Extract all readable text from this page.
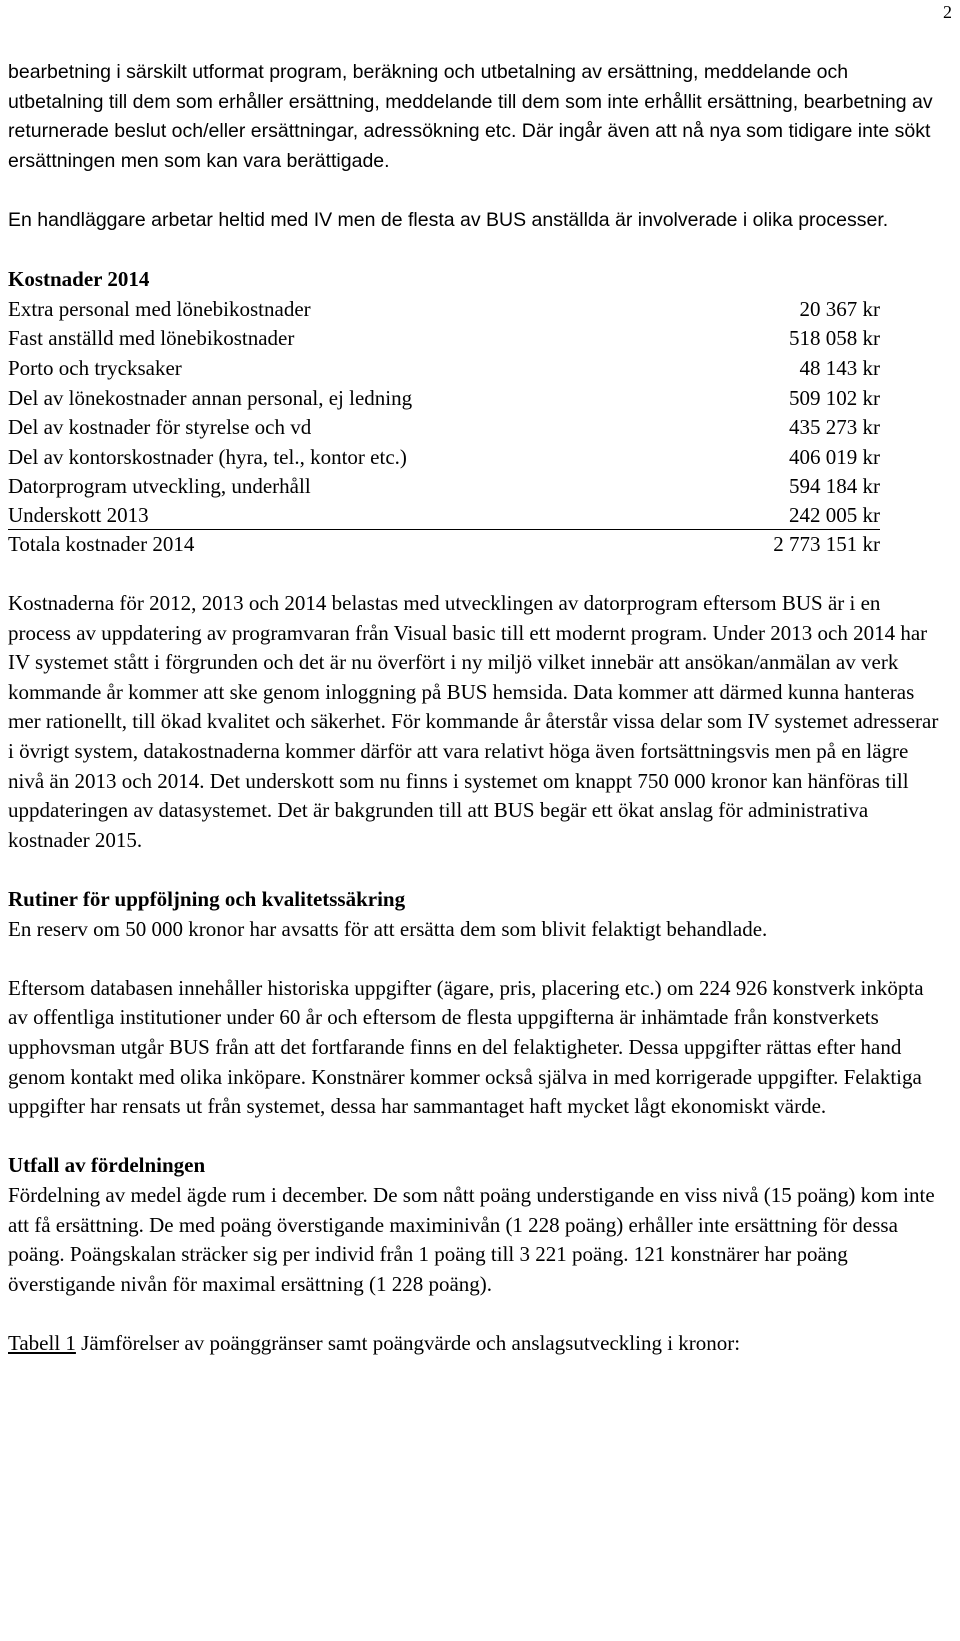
2

bearbetning i särskilt utformat program, beräkning och utbetalning av ersättning, meddelande och utbetalning till dem som erhåller ersättning, meddelande till dem som inte erhållit ersättning, bearbetning av returnerade beslut och/eller ersättningar, adressökning etc. Där ingår även att nå nya som tidigare inte sökt ersättningen men som kan vara berättigade.

En handläggare arbetar heltid med IV men de flesta av BUS anställda är involverade i olika processer.

Kostnader 2014
Extra personal med lönebikostnader	20 367 kr
Fast anställd med lönebikostnader	518 058 kr
Porto och trycksaker	48 143 kr
Del av lönekostnader annan personal, ej ledning	509 102 kr
Del av kostnader för styrelse och vd	435 273 kr
Del av kontorskostnader (hyra, tel., kontor etc.)	406 019 kr
Datorprogram utveckling, underhåll	594 184 kr
Underskott 2013	242 005 kr
Totala kostnader 2014	2 773 151 kr

Kostnaderna för 2012, 2013 och 2014 belastas med utvecklingen av datorprogram eftersom BUS är i en process av uppdatering av programvaran från Visual basic till ett modernt program. Under 2013 och 2014 har IV systemet stått i förgrunden och det är nu överfört i ny miljö vilket innebär att ansökan/anmälan av verk kommande år kommer att ske genom inloggning på BUS hemsida. Data kommer att därmed kunna hanteras mer rationellt, till ökad kvalitet och säkerhet. För kommande år återstår vissa delar som IV systemet adresserar i övrigt system, datakostnaderna kommer därför att vara relativt höga även fortsättningsvis men på en lägre nivå än 2013 och 2014. Det underskott som nu finns i systemet om knappt 750 000 kronor kan hänföras till uppdateringen av datasystemet. Det är bakgrunden till att BUS begär ett ökat anslag för administrativa kostnader 2015.

Rutiner för uppföljning och kvalitetssäkring

En reserv om 50 000 kronor har avsatts för att ersätta dem som blivit felaktigt behandlade.

Eftersom databasen innehåller historiska uppgifter (ägare, pris, placering etc.) om 224 926 konstverk inköpta av offentliga institutioner under 60 år och eftersom de flesta uppgifterna är inhämtade från konstverkets upphovsman utgår BUS från att det fortfarande finns en del felaktigheter. Dessa uppgifter rättas efter hand genom kontakt med olika inköpare. Konstnärer kommer också själva in med korrigerade uppgifter. Felaktiga uppgifter har rensats ut från systemet, dessa har sammantaget haft mycket lågt ekonomiskt värde.

Utfall av fördelningen

Fördelning av medel ägde rum i december. De som nått poäng understigande en viss nivå (15 poäng) kom inte att få ersättning. De med poäng överstigande maximinivån (1 228 poäng) erhåller inte ersättning för dessa poäng. Poängskalan sträcker sig per individ från 1 poäng till 3 221 poäng. 121 konstnärer har poäng överstigande nivån för maximal ersättning (1 228 poäng).

Tabell 1 Jämförelser av poänggränser samt poängvärde och anslagsutveckling i kronor:
